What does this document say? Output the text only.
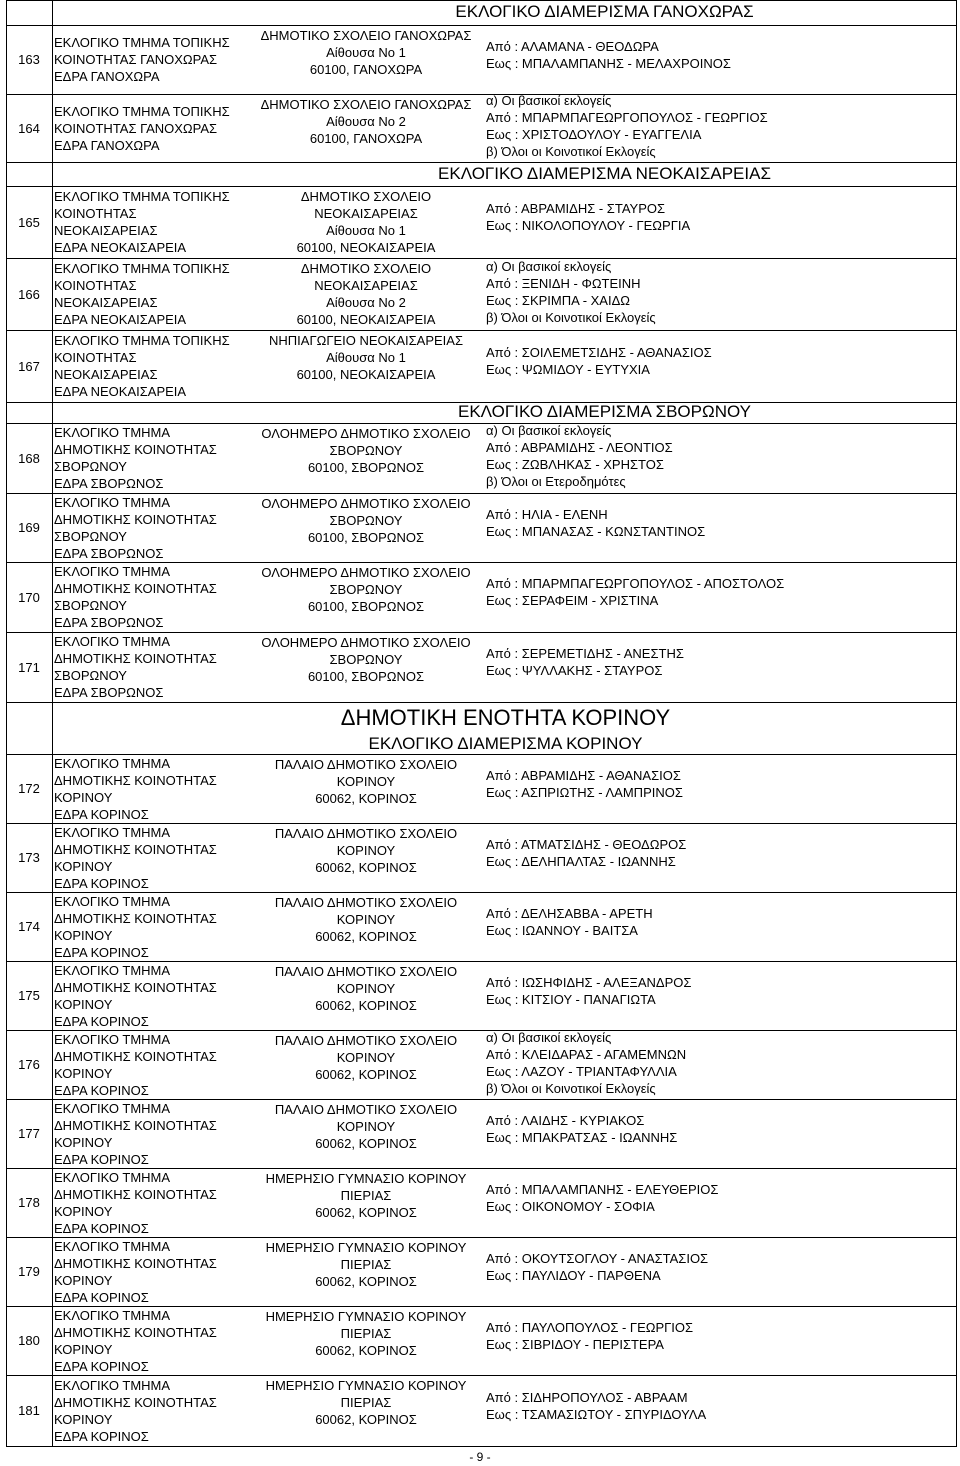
ΕΚΛΟΓΙΚΟ ΔΙΑΜΕΡΙΣΜΑ ΓΑΝΟΧΩΡΑΣ
ΕΚΛΟΓΙΚΟ ΔΙΑΜΕΡΙΣΜΑ ΝΕΟΚΑΙΣΑΡΕΙΑΣ
ΕΚΛΟΓΙΚΟ ΔΙΑΜΕΡΙΣΜΑ ΣΒΟΡΩΝΟΥ
ΔΗΜΟΤΙΚΗ ΕΝΟΤΗΤΑ ΚΟΡΙΝΟΥ
ΕΚΛΟΓΙΚΟ ΔΙΑΜΕΡΙΣΜΑ ΚΟΡΙΝΟΥ
163
ΕΚΛΟΓΙΚΟ ΤΜΗΜΑ ΤΟΠΙΚΗΣ
ΚΟΙΝΟΤΗΤΑΣ ΓΑΝΟΧΩΡΑΣ
ΕΔΡΑ ΓΑΝΟΧΩΡΑ
ΔΗΜΟΤΙΚΟ ΣΧΟΛΕΙΟ ΓΑΝΟΧΩΡΑΣ
Αίθουσα Νο 1
60100, ΓΑΝΟΧΩΡΑ
Από : ΑΛΑΜΑΝΑ - ΘΕΟΔΩΡΑ
Εως : ΜΠΑΛΑΜΠΑΝΗΣ - ΜΕΛΑΧΡΟΙΝΟΣ
164
ΕΚΛΟΓΙΚΟ ΤΜΗΜΑ ΤΟΠΙΚΗΣ
ΚΟΙΝΟΤΗΤΑΣ ΓΑΝΟΧΩΡΑΣ
ΕΔΡΑ ΓΑΝΟΧΩΡΑ
ΔΗΜΟΤΙΚΟ ΣΧΟΛΕΙΟ ΓΑΝΟΧΩΡΑΣ
Αίθουσα Νο 2
60100, ΓΑΝΟΧΩΡΑ
α) Οι βασικοί εκλογείς
Από : ΜΠΑΡΜΠΑΓΕΩΡΓΟΠΟΥΛΟΣ - ΓΕΩΡΓΙΟΣ
Εως : ΧΡΙΣΤΟΔΟΥΛΟΥ - ΕΥΑΓΓΕΛΙΑ
β) Όλοι οι Κοινοτικοί Εκλογείς
165
ΕΚΛΟΓΙΚΟ ΤΜΗΜΑ ΤΟΠΙΚΗΣ
ΚΟΙΝΟΤΗΤΑΣ
ΝΕΟΚΑΙΣΑΡΕΙΑΣ
ΕΔΡΑ ΝΕΟΚΑΙΣΑΡΕΙΑ
ΔΗΜΟΤΙΚΟ ΣΧΟΛΕΙΟ
ΝΕΟΚΑΙΣΑΡΕΙΑΣ
Αίθουσα Νο 1
60100, ΝΕΟΚΑΙΣΑΡΕΙΑ
Από : ΑΒΡΑΜΙΔΗΣ - ΣΤΑΥΡΟΣ
Εως : ΝΙΚΟΛΟΠΟΥΛΟΥ - ΓΕΩΡΓΙΑ
166
ΕΚΛΟΓΙΚΟ ΤΜΗΜΑ ΤΟΠΙΚΗΣ
ΚΟΙΝΟΤΗΤΑΣ
ΝΕΟΚΑΙΣΑΡΕΙΑΣ
ΕΔΡΑ ΝΕΟΚΑΙΣΑΡΕΙΑ
ΔΗΜΟΤΙΚΟ ΣΧΟΛΕΙΟ
ΝΕΟΚΑΙΣΑΡΕΙΑΣ
Αίθουσα Νο 2
60100, ΝΕΟΚΑΙΣΑΡΕΙΑ
α) Οι βασικοί εκλογείς
Από : ΞΕΝΙΔΗ - ΦΩΤΕΙΝΗ
Εως : ΣΚΡΙΜΠΑ - ΧΑΙΔΩ
β) Όλοι οι Κοινοτικοί Εκλογείς
167
ΕΚΛΟΓΙΚΟ ΤΜΗΜΑ ΤΟΠΙΚΗΣ
ΚΟΙΝΟΤΗΤΑΣ
ΝΕΟΚΑΙΣΑΡΕΙΑΣ
ΕΔΡΑ ΝΕΟΚΑΙΣΑΡΕΙΑ
ΝΗΠΙΑΓΩΓΕΙΟ ΝΕΟΚΑΙΣΑΡΕΙΑΣ
Αίθουσα Νο 1
60100, ΝΕΟΚΑΙΣΑΡΕΙΑ
Από : ΣΟΙΛΕΜΕΤΣΙΔΗΣ - ΑΘΑΝΑΣΙΟΣ
Εως : ΨΩΜΙΔΟΥ - ΕΥΤΥΧΙΑ
168
ΕΚΛΟΓΙΚΟ ΤΜΗΜΑ
ΔΗΜΟΤΙΚΗΣ ΚΟΙΝΟΤΗΤΑΣ
ΣΒΟΡΩΝΟΥ
ΕΔΡΑ ΣΒΟΡΩΝΟΣ
ΟΛΟΗΜΕΡΟ ΔΗΜΟΤΙΚΟ ΣΧΟΛΕΙΟ
ΣΒΟΡΩΝΟΥ
60100, ΣΒΟΡΩΝΟΣ
α) Οι βασικοί εκλογείς
Από : ΑΒΡΑΜΙΔΗΣ - ΛΕΟΝΤΙΟΣ
Εως : ΖΩΒΛΗΚΑΣ - ΧΡΗΣΤΟΣ
β) Όλοι οι Ετεροδημότες
169
ΕΚΛΟΓΙΚΟ ΤΜΗΜΑ
ΔΗΜΟΤΙΚΗΣ ΚΟΙΝΟΤΗΤΑΣ
ΣΒΟΡΩΝΟΥ
ΕΔΡΑ ΣΒΟΡΩΝΟΣ
ΟΛΟΗΜΕΡΟ ΔΗΜΟΤΙΚΟ ΣΧΟΛΕΙΟ
ΣΒΟΡΩΝΟΥ
60100, ΣΒΟΡΩΝΟΣ
Από : ΗΛΙΑ - ΕΛΕΝΗ
Εως : ΜΠΑΝΑΣΑΣ - ΚΩΝΣΤΑΝΤΙΝΟΣ
170
ΕΚΛΟΓΙΚΟ ΤΜΗΜΑ
ΔΗΜΟΤΙΚΗΣ ΚΟΙΝΟΤΗΤΑΣ
ΣΒΟΡΩΝΟΥ
ΕΔΡΑ ΣΒΟΡΩΝΟΣ
ΟΛΟΗΜΕΡΟ ΔΗΜΟΤΙΚΟ ΣΧΟΛΕΙΟ
ΣΒΟΡΩΝΟΥ
60100, ΣΒΟΡΩΝΟΣ
Από : ΜΠΑΡΜΠΑΓΕΩΡΓΟΠΟΥΛΟΣ - ΑΠΟΣΤΟΛΟΣ
Εως : ΣΕΡΑΦΕΙΜ - ΧΡΙΣΤΙΝΑ
171
ΕΚΛΟΓΙΚΟ ΤΜΗΜΑ
ΔΗΜΟΤΙΚΗΣ ΚΟΙΝΟΤΗΤΑΣ
ΣΒΟΡΩΝΟΥ
ΕΔΡΑ ΣΒΟΡΩΝΟΣ
ΟΛΟΗΜΕΡΟ ΔΗΜΟΤΙΚΟ ΣΧΟΛΕΙΟ
ΣΒΟΡΩΝΟΥ
60100, ΣΒΟΡΩΝΟΣ
Από : ΣΕΡΕΜΕΤΙΔΗΣ - ΑΝΕΣΤΗΣ
Εως : ΨΥΛΛΑΚΗΣ - ΣΤΑΥΡΟΣ
172
ΕΚΛΟΓΙΚΟ ΤΜΗΜΑ
ΔΗΜΟΤΙΚΗΣ ΚΟΙΝΟΤΗΤΑΣ
ΚΟΡΙΝΟΥ
ΕΔΡΑ ΚΟΡΙΝΟΣ
ΠΑΛΑΙΟ ΔΗΜΟΤΙΚΟ ΣΧΟΛΕΙΟ
ΚΟΡΙΝΟΥ
60062, ΚΟΡΙΝΟΣ
Από : ΑΒΡΑΜΙΔΗΣ - ΑΘΑΝΑΣΙΟΣ
Εως : ΑΣΠΡΙΩΤΗΣ - ΛΑΜΠΡΙΝΟΣ
173
ΕΚΛΟΓΙΚΟ ΤΜΗΜΑ
ΔΗΜΟΤΙΚΗΣ ΚΟΙΝΟΤΗΤΑΣ
ΚΟΡΙΝΟΥ
ΕΔΡΑ ΚΟΡΙΝΟΣ
ΠΑΛΑΙΟ ΔΗΜΟΤΙΚΟ ΣΧΟΛΕΙΟ
ΚΟΡΙΝΟΥ
60062, ΚΟΡΙΝΟΣ
Από : ΑΤΜΑΤΣΙΔΗΣ - ΘΕΟΔΩΡΟΣ
Εως : ΔΕΛΗΠΑΛΤΑΣ - ΙΩΑΝΝΗΣ
174
ΕΚΛΟΓΙΚΟ ΤΜΗΜΑ
ΔΗΜΟΤΙΚΗΣ ΚΟΙΝΟΤΗΤΑΣ
ΚΟΡΙΝΟΥ
ΕΔΡΑ ΚΟΡΙΝΟΣ
ΠΑΛΑΙΟ ΔΗΜΟΤΙΚΟ ΣΧΟΛΕΙΟ
ΚΟΡΙΝΟΥ
60062, ΚΟΡΙΝΟΣ
Από : ΔΕΛΗΣΑΒΒΑ - ΑΡΕΤΗ
Εως : ΙΩΑΝΝΟΥ - ΒΑΙΤΣΑ
175
ΕΚΛΟΓΙΚΟ ΤΜΗΜΑ
ΔΗΜΟΤΙΚΗΣ ΚΟΙΝΟΤΗΤΑΣ
ΚΟΡΙΝΟΥ
ΕΔΡΑ ΚΟΡΙΝΟΣ
ΠΑΛΑΙΟ ΔΗΜΟΤΙΚΟ ΣΧΟΛΕΙΟ
ΚΟΡΙΝΟΥ
60062, ΚΟΡΙΝΟΣ
Από : ΙΩΣΗΦΙΔΗΣ - ΑΛΕΞΑΝΔΡΟΣ
Εως : ΚΙΤΣΙΟΥ - ΠΑΝΑΓΙΩΤΑ
176
ΕΚΛΟΓΙΚΟ ΤΜΗΜΑ
ΔΗΜΟΤΙΚΗΣ ΚΟΙΝΟΤΗΤΑΣ
ΚΟΡΙΝΟΥ
ΕΔΡΑ ΚΟΡΙΝΟΣ
ΠΑΛΑΙΟ ΔΗΜΟΤΙΚΟ ΣΧΟΛΕΙΟ
ΚΟΡΙΝΟΥ
60062, ΚΟΡΙΝΟΣ
α) Οι βασικοί εκλογείς
Από : ΚΛΕΙΔΑΡΑΣ - ΑΓΑΜΕΜΝΩΝ
Εως : ΛΑΖΟΥ - ΤΡΙΑΝΤΑΦΥΛΛΙΑ
β) Όλοι οι Κοινοτικοί Εκλογείς
177
ΕΚΛΟΓΙΚΟ ΤΜΗΜΑ
ΔΗΜΟΤΙΚΗΣ ΚΟΙΝΟΤΗΤΑΣ
ΚΟΡΙΝΟΥ
ΕΔΡΑ ΚΟΡΙΝΟΣ
ΠΑΛΑΙΟ ΔΗΜΟΤΙΚΟ ΣΧΟΛΕΙΟ
ΚΟΡΙΝΟΥ
60062, ΚΟΡΙΝΟΣ
Από : ΛΑΙΔΗΣ - ΚΥΡΙΑΚΟΣ
Εως : ΜΠΑΚΡΑΤΣΑΣ - ΙΩΑΝΝΗΣ
178
ΕΚΛΟΓΙΚΟ ΤΜΗΜΑ
ΔΗΜΟΤΙΚΗΣ ΚΟΙΝΟΤΗΤΑΣ
ΚΟΡΙΝΟΥ
ΕΔΡΑ ΚΟΡΙΝΟΣ
ΗΜΕΡΗΣΙΟ ΓΥΜΝΑΣΙΟ ΚΟΡΙΝΟΥ
ΠΙΕΡΙΑΣ
60062, ΚΟΡΙΝΟΣ
Από : ΜΠΑΛΑΜΠΑΝΗΣ - ΕΛΕΥΘΕΡΙΟΣ
Εως : ΟΙΚΟΝΟΜΟΥ - ΣΟΦΙΑ
179
ΕΚΛΟΓΙΚΟ ΤΜΗΜΑ
ΔΗΜΟΤΙΚΗΣ ΚΟΙΝΟΤΗΤΑΣ
ΚΟΡΙΝΟΥ
ΕΔΡΑ ΚΟΡΙΝΟΣ
ΗΜΕΡΗΣΙΟ ΓΥΜΝΑΣΙΟ ΚΟΡΙΝΟΥ
ΠΙΕΡΙΑΣ
60062, ΚΟΡΙΝΟΣ
Από : ΟΚΟΥΤΣΟΓΛΟΥ - ΑΝΑΣΤΑΣΙΟΣ
Εως : ΠΑΥΛΙΔΟΥ - ΠΑΡΘΕΝΑ
180
ΕΚΛΟΓΙΚΟ ΤΜΗΜΑ
ΔΗΜΟΤΙΚΗΣ ΚΟΙΝΟΤΗΤΑΣ
ΚΟΡΙΝΟΥ
ΕΔΡΑ ΚΟΡΙΝΟΣ
ΗΜΕΡΗΣΙΟ ΓΥΜΝΑΣΙΟ ΚΟΡΙΝΟΥ
ΠΙΕΡΙΑΣ
60062, ΚΟΡΙΝΟΣ
Από : ΠΑΥΛΟΠΟΥΛΟΣ - ΓΕΩΡΓΙΟΣ
Εως : ΣΙΒΡΙΔΟΥ - ΠΕΡΙΣΤΕΡΑ
181
ΕΚΛΟΓΙΚΟ ΤΜΗΜΑ
ΔΗΜΟΤΙΚΗΣ ΚΟΙΝΟΤΗΤΑΣ
ΚΟΡΙΝΟΥ
ΕΔΡΑ ΚΟΡΙΝΟΣ
ΗΜΕΡΗΣΙΟ ΓΥΜΝΑΣΙΟ ΚΟΡΙΝΟΥ
ΠΙΕΡΙΑΣ
60062, ΚΟΡΙΝΟΣ
Από : ΣΙΔΗΡΟΠΟΥΛΟΣ - ΑΒΡΑΑΜ
Εως : ΤΣΑΜΑΣΙΩΤΟΥ - ΣΠΥΡΙΔΟΥΛΑ
- 9 -
